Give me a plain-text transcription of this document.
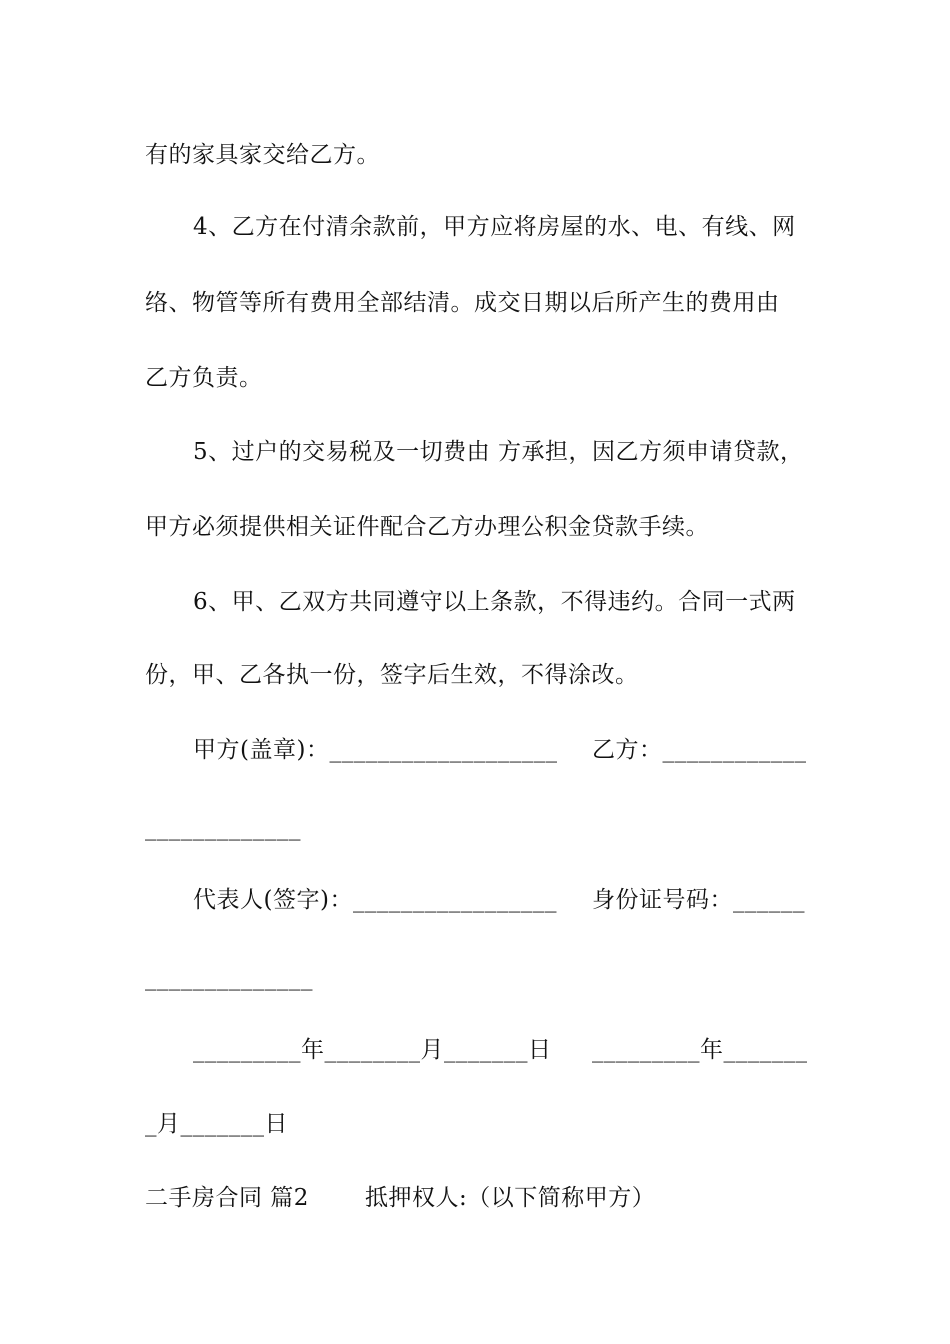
有的家具家交给乙方。
4、乙方在付清余款前，甲方应将房屋的水、电、有线、网
络、物管等所有费用全部结清。成交日期以后所产生的费用由
乙方负责。
5、过户的交易税及一切费由 方承担，因乙方须申请贷款，
甲方必须提供相关证件配合乙方办理公积金贷款手续。
6、甲、乙双方共同遵守以上条款，不得违约。合同一式两
份，甲、乙各执一份，签字后生效，不得涂改。
甲方(盖章)：___________________ 乙方：____________
_____________
代表人(签字)：_________________ 身份证号码：______
______________
_________年________月_______日 _________年_______
_月_______日
二手房合同 篇2 抵押权人:（以下简称甲方）
